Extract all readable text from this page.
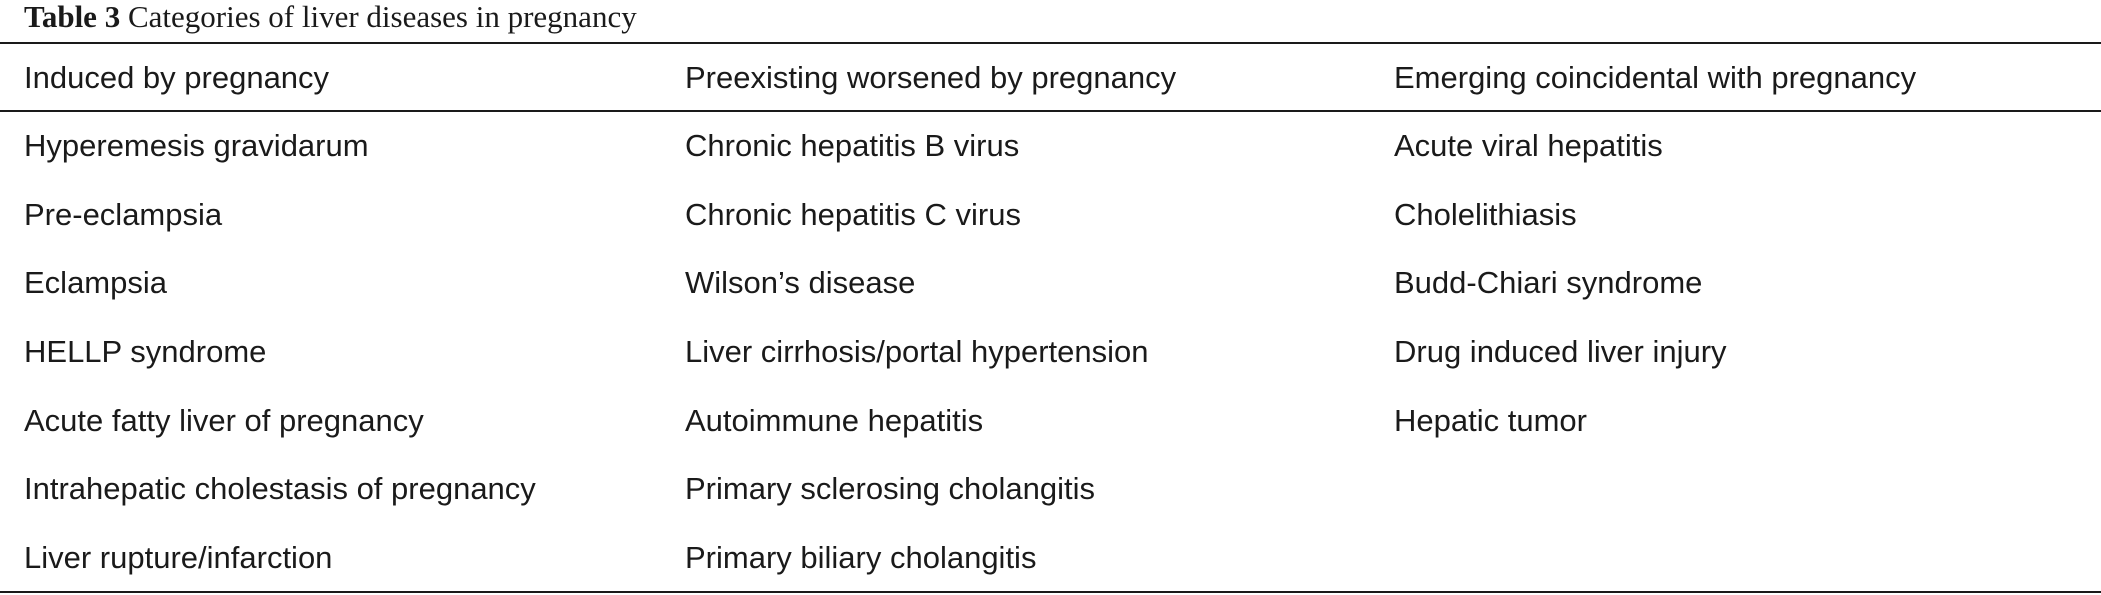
Table 3 Categories of liver diseases in pregnancy
Induced by pregnancy	Preexisting worsened by pregnancy	Emerging coincidental with pregnancy
Hyperemesis gravidarum	Chronic hepatitis B virus	Acute viral hepatitis
Pre-eclampsia	Chronic hepatitis C virus	Cholelithiasis
Eclampsia	Wilson’s disease	Budd-Chiari syndrome
HELLP syndrome	Liver cirrhosis/portal hypertension	Drug induced liver injury
Acute fatty liver of pregnancy	Autoimmune hepatitis	Hepatic tumor
Intrahepatic cholestasis of pregnancy	Primary sclerosing cholangitis
Liver rupture/infarction	Primary biliary cholangitis
